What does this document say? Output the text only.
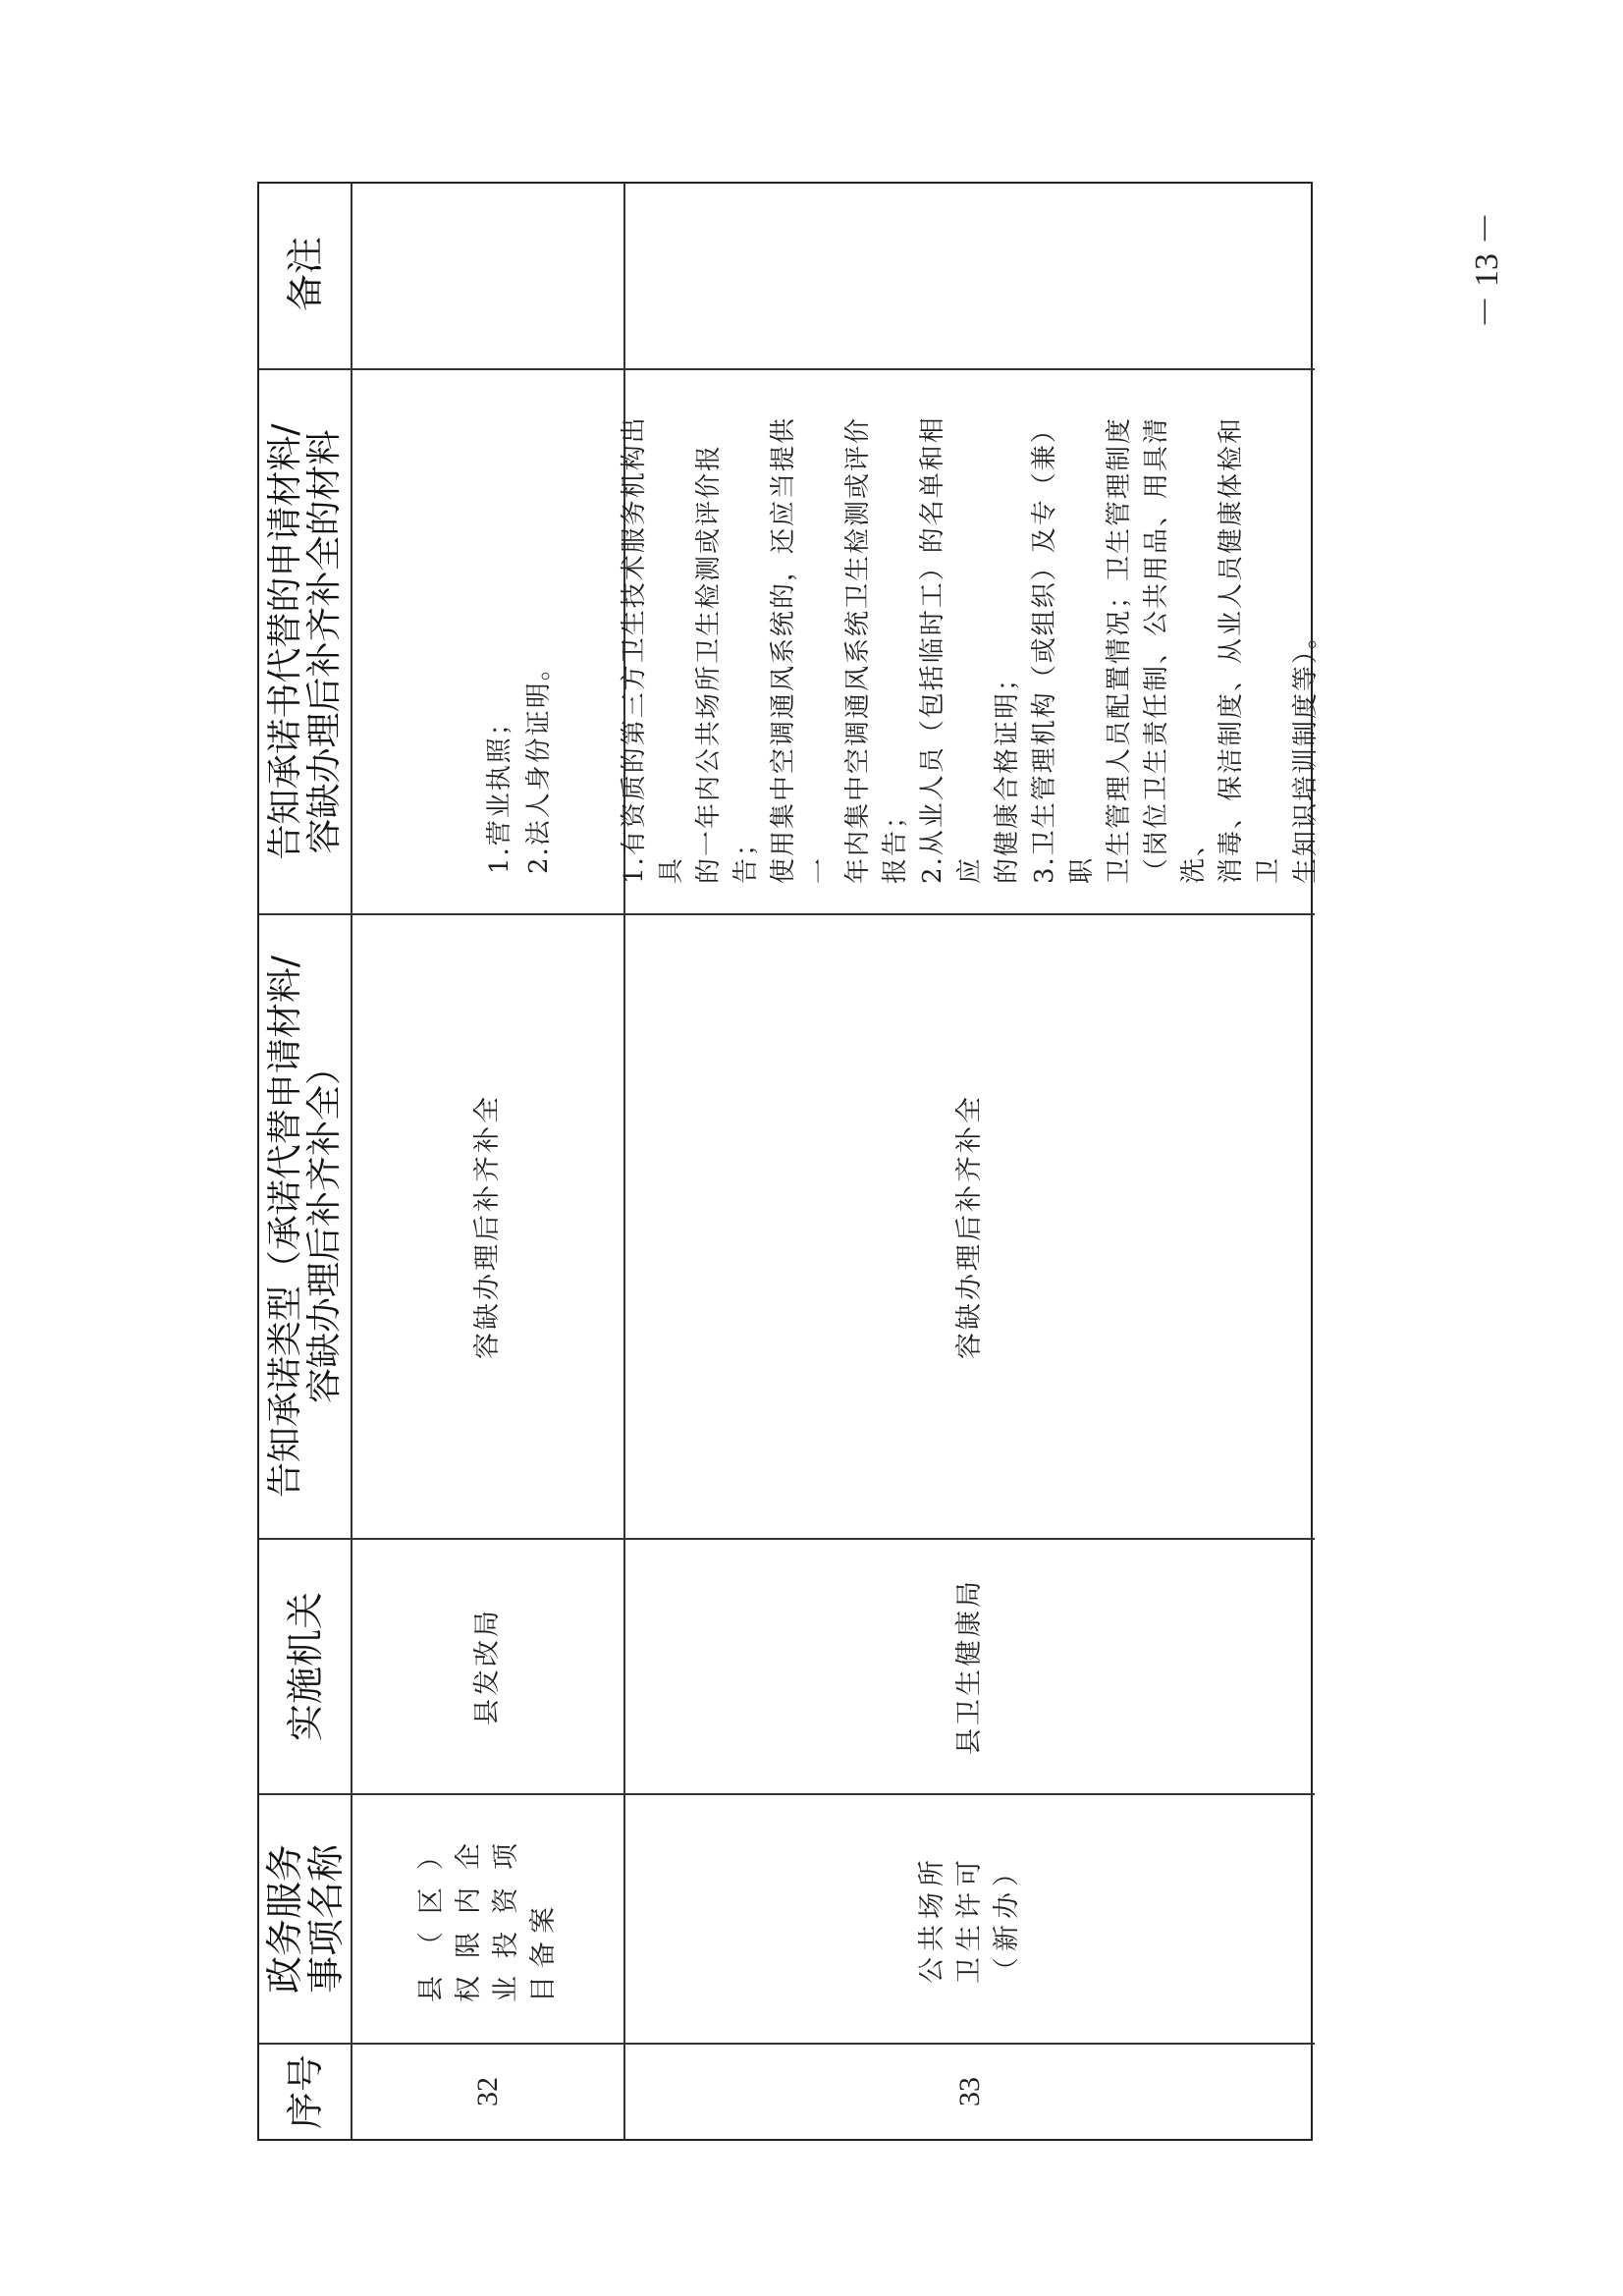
序号
政务服务事项名称
实施机关
告知承诺类型（承诺代替申请材料/ 容缺办理后补齐补全）
告知承诺书代替的申请材料/ 容缺办理后补齐补全的材料
备注
32
县（区）权限内企业投资项目备案
县发改局
容缺办理后补齐补全
1.营业执照； 2.法人身份证明。
33
公共场所卫生许可（新办）
县卫生健康局
容缺办理后补齐补全
1.有资质的第三方卫生技术服务机构出具 的一年内公共场所卫生检测或评价报告； 使用集中空调通风系统的，还应当提供一 年内集中空调通风系统卫生检测或评价 报告； 2.从业人员（包括临时工）的名单和相应 的健康合格证明； 3.卫生管理机构（或组织）及专（兼）职 卫生管理人员配置情况；卫生管理制度 （岗位卫生责任制、公共用品、用具清洗、 消毒、保洁制度、从业人员健康体检和卫 生知识培训制度等）。
－ 13 －
